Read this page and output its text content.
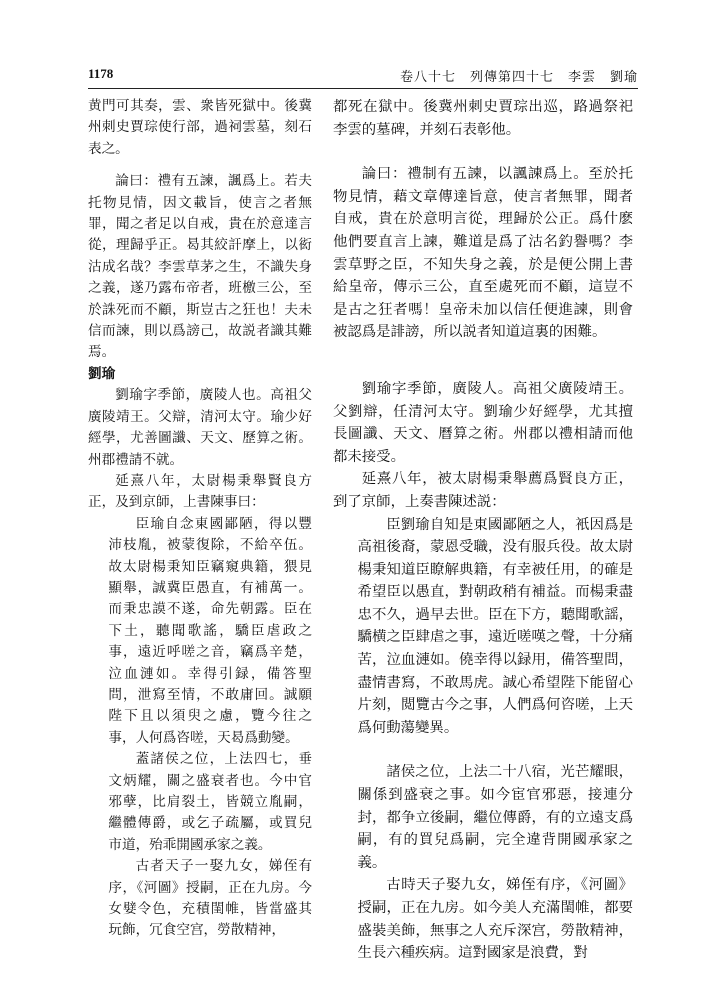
1178	卷八十七　列傳第四十七　李雲　劉瑜

黄門可其奏，雲、衆皆死獄中。後冀州刺史賈琮使行部，過祠雲墓，刻石表之。

論曰：禮有五諫，諷爲上。若夫托物見情，因文載旨，使言之者無罪，聞之者足以自戒，貴在於意達言從，理歸乎正。曷其絞訐摩上，以衒沽成名哉？李雲草茅之生，不識失身之義，遂乃露布帝者，班檄三公，至於誅死而不顧，斯豈古之狂也！夫未信而諫，則以爲謗己，故説者識其難焉。

劉瑜

劉瑜字季節，廣陵人也。高祖父廣陵靖王。父辯，清河太守。瑜少好經學，尤善圖讖、天文、歷算之術。州郡禮請不就。

延熹八年，太尉楊秉舉賢良方正，及到京師，上書陳事曰：

臣瑜自念東國鄙陋，得以豐沛枝胤，被蒙復除，不給卒伍。故太尉楊秉知臣竊窺典籍，猥見顯舉，誠冀臣愚直，有補萬一。而秉忠謨不遂，命先朝露。臣在下土，聽聞歌謠，驕臣虐政之事，遠近呼嗟之音，竊爲辛楚，泣血漣如。幸得引録，備答聖問，泄寫至情，不敢庸回。誠願陛下且以須臾之慮，覽今往之事，人何爲咨嗟，天曷爲動變。

蓋諸侯之位，上法四七，垂文炳耀，關之盛衰者也。今中官邪孽，比肩裂土，皆競立胤嗣，繼體傳爵，或乞子疏屬，或買兒市道，殆乖開國承家之義。

古者天子一娶九女，娣侄有序，《河圖》授嗣，正在九房。今女嬖令色，充積閨帷，皆當盛其玩飾，冗食空宫，勞散精神，

都死在獄中。後冀州刺史賈琮出巡，路過祭祀李雲的墓碑，并刻石表彰他。

論曰：禮制有五諫，以諷諫爲上。至於托物見情，藉文章傳達旨意，使言者無罪，聞者自戒，貴在於意明言從，理歸於公正。爲什麽他們要直言上諫，難道是爲了沽名釣譽嗎？李雲草野之臣，不知失身之義，於是便公開上書給皇帝，傳示三公，直至處死而不顧，這豈不是古之狂者嗎！皇帝未加以信任便進諫，則會被認爲是誹謗，所以説者知道這裏的困難。

劉瑜字季節，廣陵人。高祖父廣陵靖王。父劉辯，任清河太守。劉瑜少好經學，尤其擅長圖讖、天文、曆算之術。州郡以禮相請而他都未接受。

延熹八年，被太尉楊秉舉薦爲賢良方正，到了京師，上奏書陳述説：

臣劉瑜自知是東國鄙陋之人，衹因爲是高祖後裔，蒙恩受職，没有服兵役。故太尉楊秉知道臣瞭解典籍，有幸被任用，的確是希望臣以愚直，對朝政稍有補益。而楊秉盡忠不久，過早去世。臣在下方，聽聞歌謡，驕横之臣肆虐之事，遠近嗟嘆之聲，十分痛苦，泣血漣如。僥幸得以録用，備答聖問，盡情書寫，不敢馬虎。誠心希望陛下能留心片刻，閲覽古今之事，人們爲何咨嗟，上天爲何動蕩變異。

諸侯之位，上法二十八宿，光芒耀眼，關係到盛衰之事。如今宦官邪惡，接連分封，都争立後嗣，繼位傳爵，有的立遠支爲嗣，有的買兒爲嗣，完全違背開國承家之義。

古時天子娶九女，娣侄有序，《河圖》授嗣，正在九房。如今美人充滿閨帷，都要盛裝美飾，無事之人充斥深宫，勞散精神，生長六種疾病。這對國家是浪費，對
